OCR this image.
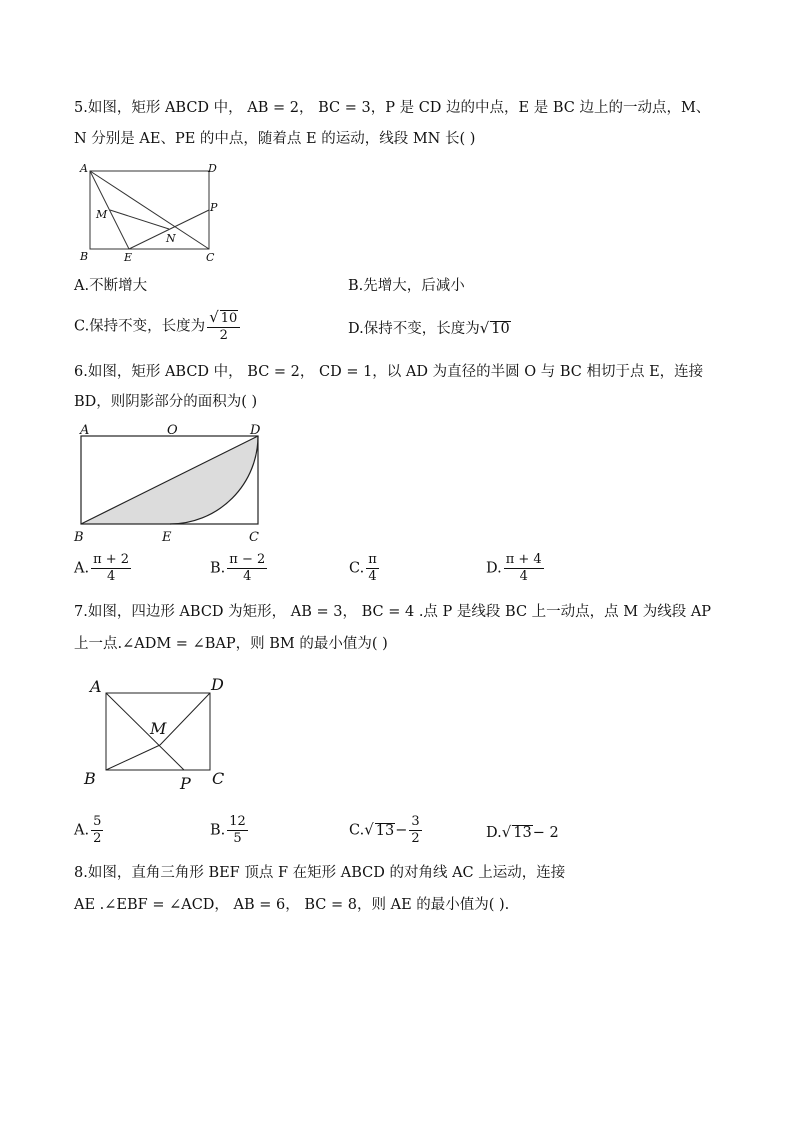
5.如图，矩形 ABCD 中， AB = 2， BC = 3，P 是 CD 边的中点，E 是 BC 边上的一动点，M、
N 分别是 AE、PE 的中点，随着点 E 的运动，线段 MN 长( )
A	D
M
P
N
B	E	C
A.不断增大	B.先增大，后减小
C.保持不变，长度为 $\frac{√ 10}{2}$	D.保持不变，长度为√ 10
6.如图，矩形 ABCD 中， BC = 2， CD = 1，以 AD 为直径的半圆 O 与 BC 相切于点 E，连接
BD，则阴影部分的面积为( )
A	O	D
B	E	C
A. $\frac{\pi + 2}{4}$	B. $\frac{\pi - 2}{4}$	C. $\frac{\pi}{4}$	D. $\frac{\pi + 4}{4}$
7.如图，四边形 ABCD 为矩形， AB = 3， BC = 4 .点 P 是线段 BC 上一动点，点 M 为线段 AP
上一点.∠ADM = ∠BAP，则 BM 的最小值为( )
A	D
M
B	P C
A. $\frac{5}{2}$	B. $\frac{12}{5}$	C.√ $13- \frac{3}{2}$	D.√ 13− 2
8.如图，直角三角形 BEF 顶点 F 在矩形 ABCD 的对角线 AC 上运动，连接
AE .∠EBF = ∠ACD， AB = 6， BC = 8，则 AE 的最小值为( ).
